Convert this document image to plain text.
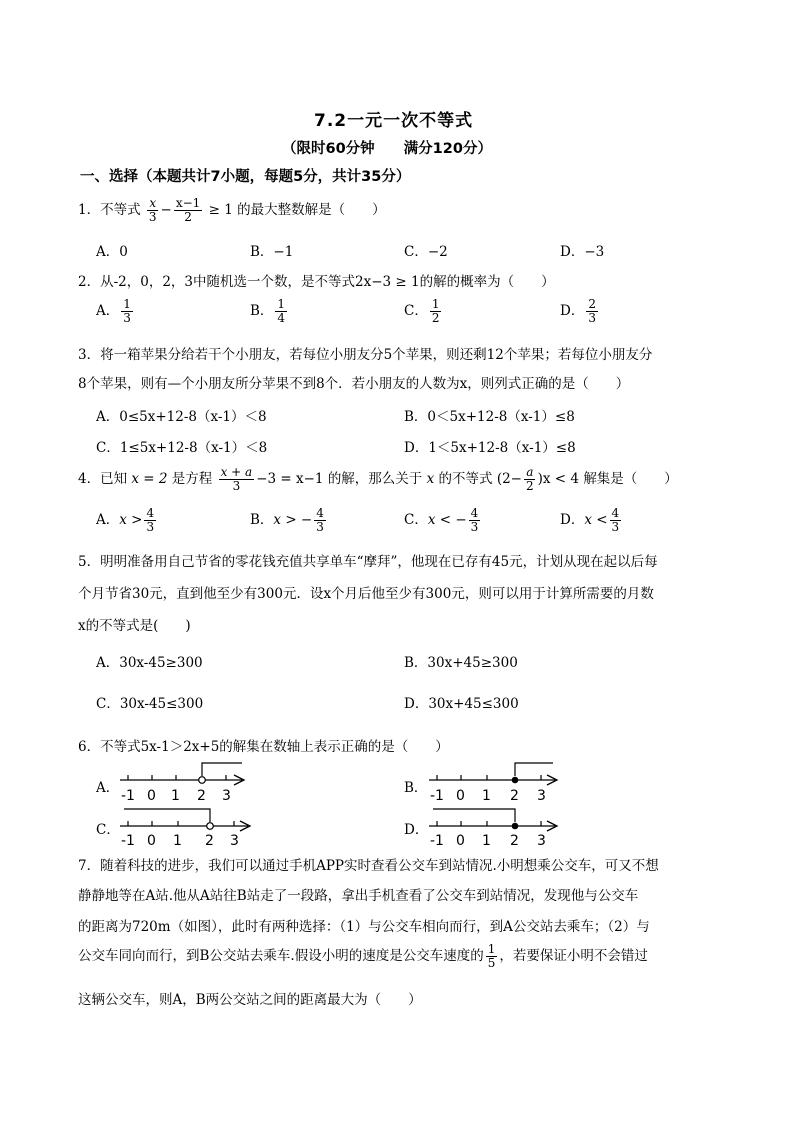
7.2一元一次不等式
（限时60分钟　　满分120分）
一、选择（本题共计7小题，每题5分，共计35分）
1．不等式 $\frac{x}{3} - \frac{x-1}{2} \ge 1$ 的最大整数解是（　　）
A．0	B．−1	C．−2	D．−3
2．从-2，0，2，3中随机选一个数，是不等式2x−3 ≥ 1的解的概率为（　　）
A． $\frac{1}{3}$	B． $\frac{1}{4}$	C． $\frac{1}{2}$	D． $\frac{2}{3}$
3．将一箱苹果分给若干个小朋友，若每位小朋友分5个苹果，则还剩12个苹果；若每位小朋友分
8个苹果，则有—个小朋友所分苹果不到8个．若小朋友的人数为x，则列式正确的是（　　）
A．0≤5x+12-8（x-1）＜8	B．0＜5x+12-8（x-1）≤8
C．1≤5x+12-8（x-1）＜8	D．1＜5x+12-8（x-1）≤8
4．已知 x = 2 是方程 $\frac{x + a}{3} -3 = x-1$ 的解，那么关于 x 的不等式 $(2- \frac{a}{2} )x < 4$ 解集是（　　）
A．$x > \frac{4}{3}$	B．x > − $\frac{4}{3}$	C．x < − $\frac{4}{3}$	D．$x < \frac{4}{3}$
5．明明准备用自己节省的零花钱充值共享单车“摩拜”，他现在已存有45元，计划从现在起以后每
个月节省30元，直到他至少有300元．设x个月后他至少有300元，则可以用于计算所需要的月数
x的不等式是(　　)
A．30x-45≥300	B．30x+45≥300
C．30x-45≤300	D．30x+45≤300
6．不等式5x-1＞2x+5的解集在数轴上表示正确的是（　　）
A． -1 0 1 2 3	B． -1 0 1 2 3
C．
-1 0 1 2 3
D．
-1 0 1 2 3
7．随着科技的进步，我们可以通过手机APP实时查看公交车到站情况.小明想乘公交车，可又不想
静静地等在A站.他从A站往B站走了一段路，拿出手机查看了公交车到站情况，发现他与公交车
的距离为720m（如图），此时有两种选择：（1）与公交车相向而行，到A公交站去乘车；（2）与
公交车同向而行，到B公交站去乘车.假设小明的速度是公交车速度的 $\frac{1}{5}$ ，若要保证小明不会错过
这辆公交车，则A，B两公交站之间的距离最大为（　　）
